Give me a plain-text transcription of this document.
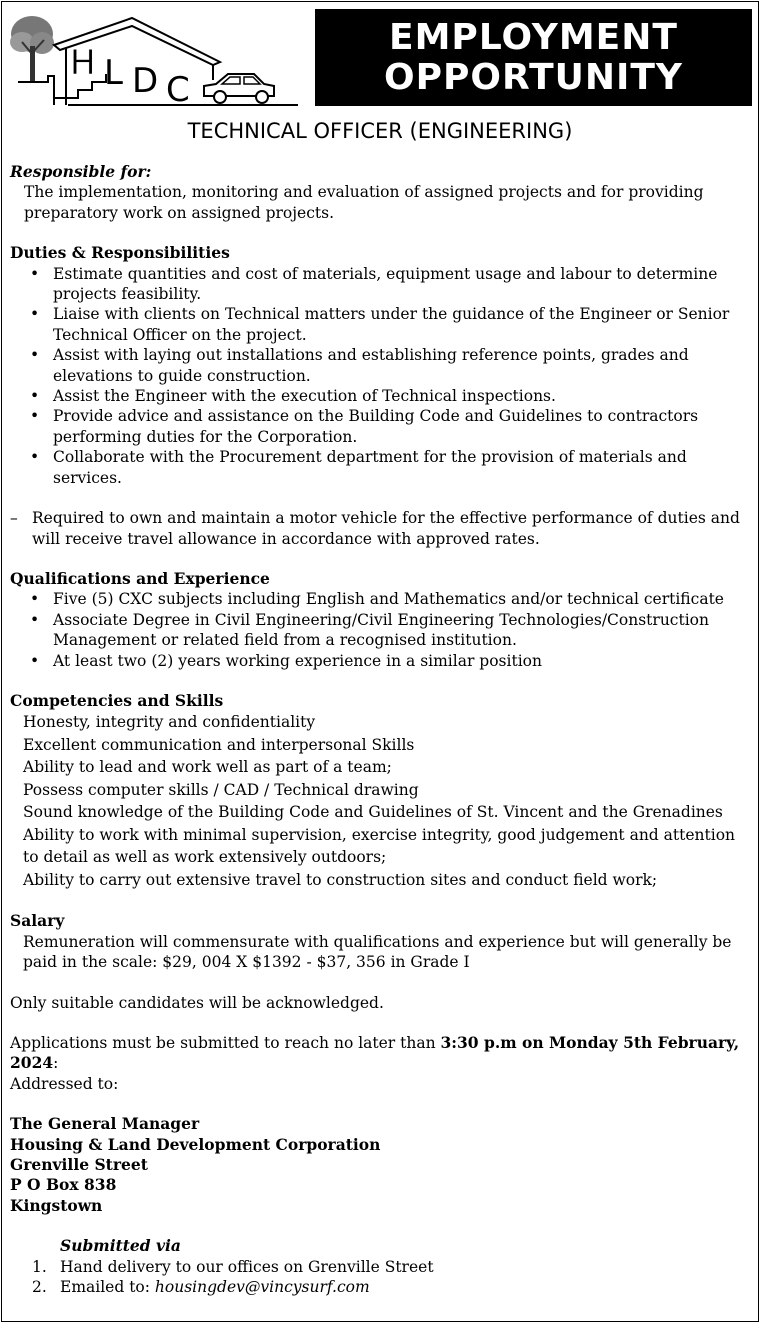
H L D C
EMPLOYMENT
OPPORTUNITY
TECHNICAL OFFICER (ENGINEERING)
Responsible for:
The implementation, monitoring and evaluation of assigned projects and for providing preparatory work on assigned projects.
Duties & Responsibilities
• Estimate quantities and cost of materials, equipment usage and labour to determine projects feasibility.
• Liaise with clients on Technical matters under the guidance of the Engineer or Senior Technical Officer on the project.
• Assist with laying out installations and establishing reference points, grades and elevations to guide construction.
• Assist the Engineer with the execution of Technical inspections.
• Provide advice and assistance on the Building Code and Guidelines to contractors performing duties for the Corporation.
• Collaborate with the Procurement department for the provision of materials and services.
– Required to own and maintain a motor vehicle for the effective performance of duties and will receive travel allowance in accordance with approved rates.
Qualifications and Experience
• Five (5) CXC subjects including English and Mathematics and/or technical certificate
• Associate Degree in Civil Engineering/Civil Engineering Technologies/Construction Management or related field from a recognised institution.
• At least two (2) years working experience in a similar position
Competencies and Skills
Honesty, integrity and confidentiality
Excellent communication and interpersonal Skills
Ability to lead and work well as part of a team;
Possess computer skills / CAD / Technical drawing
Sound knowledge of the Building Code and Guidelines of St. Vincent and the Grenadines
Ability to work with minimal supervision, exercise integrity, good judgement and attention to detail as well as work extensively outdoors;
Ability to carry out extensive travel to construction sites and conduct field work;
Salary
Remuneration will commensurate with qualifications and experience but will generally be paid in the scale: $29, 004 X $1392 - $37, 356 in Grade I
Only suitable candidates will be acknowledged.
Applications must be submitted to reach no later than 3:30 p.m on Monday 5th February, 2024:
Addressed to:
The General Manager
Housing & Land Development Corporation
Grenville Street
P O Box 838
Kingstown
Submitted via
1. Hand delivery to our offices on Grenville Street
2. Emailed to: housingdev@vincysurf.com
